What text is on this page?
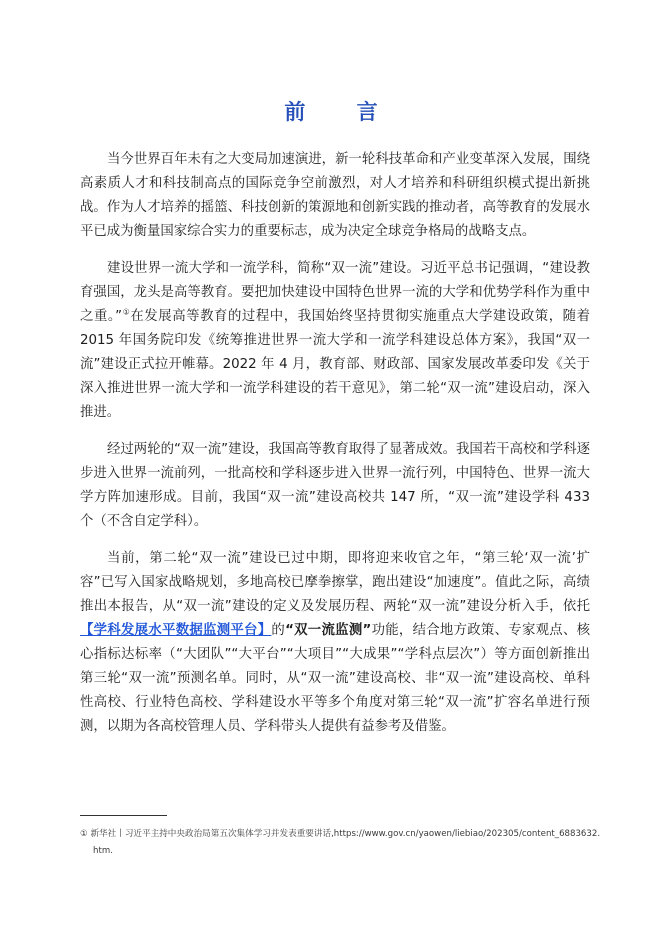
前 言

当今世界百年未有之大变局加速演进，新一轮科技革命和产业变革深入发展，围绕高素质人才和科技制高点的国际竞争空前激烈，对人才培养和科研组织模式提出新挑战。作为人才培养的摇篮、科技创新的策源地和创新实践的推动者，高等教育的发展水平已成为衡量国家综合实力的重要标志，成为决定全球竞争格局的战略支点。

建设世界一流大学和一流学科，简称“双一流”建设。习近平总书记强调，“建设教育强国，龙头是高等教育。要把加快建设中国特色世界一流的大学和优势学科作为重中之重。”①在发展高等教育的过程中，我国始终坚持贯彻实施重点大学建设政策，随着2015 年国务院印发《统筹推进世界一流大学和一流学科建设总体方案》，我国“双一流”建设正式拉开帷幕。2022 年 4 月，教育部、财政部、国家发展改革委印发《关于深入推进世界一流大学和一流学科建设的若干意见》，第二轮“双一流”建设启动，深入推进。

经过两轮的“双一流”建设，我国高等教育取得了显著成效。我国若干高校和学科逐步进入世界一流前列，一批高校和学科逐步进入世界一流行列，中国特色、世界一流大学方阵加速形成。目前，我国“双一流”建设高校共 147 所，“双一流”建设学科 433 个（不含自定学科）。

当前，第二轮“双一流”建设已过中期，即将迎来收官之年，“第三轮‘双一流’扩容”已写入国家战略规划，多地高校已摩拳擦掌，跑出建设“加速度”。值此之际，高绩推出本报告，从“双一流”建设的定义及发展历程、两轮“双一流”建设分析入手，依托【学科发展水平数据监测平台】的“双一流监测”功能，结合地方政策、专家观点、核心指标达标率（“大团队”“大平台”“大项目”“大成果”“学科点层次”）等方面创新推出第三轮“双一流”预测名单。同时，从“双一流”建设高校、非“双一流”建设高校、单科性高校、行业特色高校、学科建设水平等多个角度对第三轮“双一流”扩容名单进行预测，以期为各高校管理人员、学科带头人提供有益参考及借鉴。

① 新华社丨习近平主持中央政治局第五次集体学习并发表重要讲话,https://www.gov.cn/yaowen/liebiao/202305/content_6883632.htm.
